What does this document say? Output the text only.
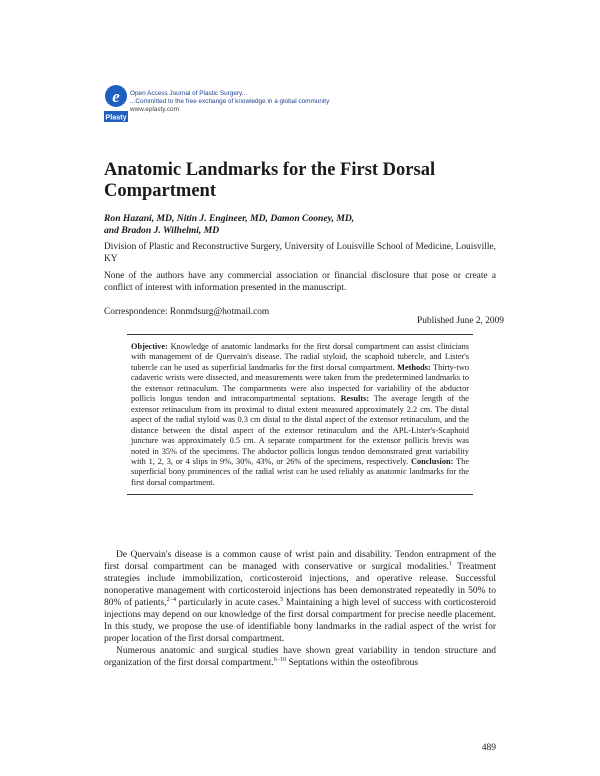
e
Plasty
Open Access Journal of Plastic Surgery...
...Committed to the free exchange of knowledge in a global community
www.eplasty.com
Anatomic Landmarks for the First Dorsal Compartment
Ron Hazani, MD, Nitin J. Engineer, MD, Damon Cooney, MD,
and Bradon J. Wilhelmi, MD
Division of Plastic and Reconstructive Surgery, University of Louisville School of Medicine, Louisville, KY
None of the authors have any commercial association or financial disclosure that pose or create a conflict of interest with information presented in the manuscript.
Correspondence: Ronmdsurg@hotmail.com
Published June 2, 2009

Objective: Knowledge of anatomic landmarks for the first dorsal compartment can assist clinicians with management of de Quervain's disease. The radial styloid, the scaphoid tubercle, and Lister's tubercle can be used as superficial landmarks for the first dorsal compartment. Methods: Thirty-two cadaveric wrists were dissected, and measurements were taken from the predetermined landmarks to the extensor retinaculum. The compartments were also inspected for variability of the abductor pollicis longus tendon and intracompartmental septations. Results: The average length of the extensor retinaculum from its proximal to distal extent measured approximately 2.2 cm. The distal aspect of the radial styloid was 0.3 cm distal to the distal aspect of the extensor retinaculum, and the distance between the distal aspect of the extensor retinaculum and the APL-Lister's-Scaphoid juncture was approximately 0.5 cm. A separate compartment for the extensor pollicis brevis was noted in 35% of the specimens. The abductor pollicis longus tendon demonstrated great variability with 1, 2, 3, or 4 slips in 9%, 30%, 43%, or 26% of the specimens, respectively. Conclusion: The superficial bony prominences of the radial wrist can be used reliably as anatomic landmarks for the first dorsal compartment.

De Quervain's disease is a common cause of wrist pain and disability. Tendon entrapment of the first dorsal compartment can be managed with conservative or surgical modalities.$^1$ Treatment strategies include immobilization, corticosteroid injections, and operative release. Successful nonoperative management with corticosteroid injections has been demonstrated repeatedly in 50% to 80% of patients,$^{2-4}$ particularly in acute cases.$^5$ Maintaining a high level of success with corticosteroid injections may depend on our knowledge of the first dorsal compartment for precise needle placement. In this study, we propose the use of identifiable bony landmarks in the radial aspect of the wrist for proper location of the first dorsal compartment.

Numerous anatomic and surgical studies have shown great variability in tendon structure and organization of the first dorsal compartment.$^{6-10}$ Septations within the osteofibrous

489
